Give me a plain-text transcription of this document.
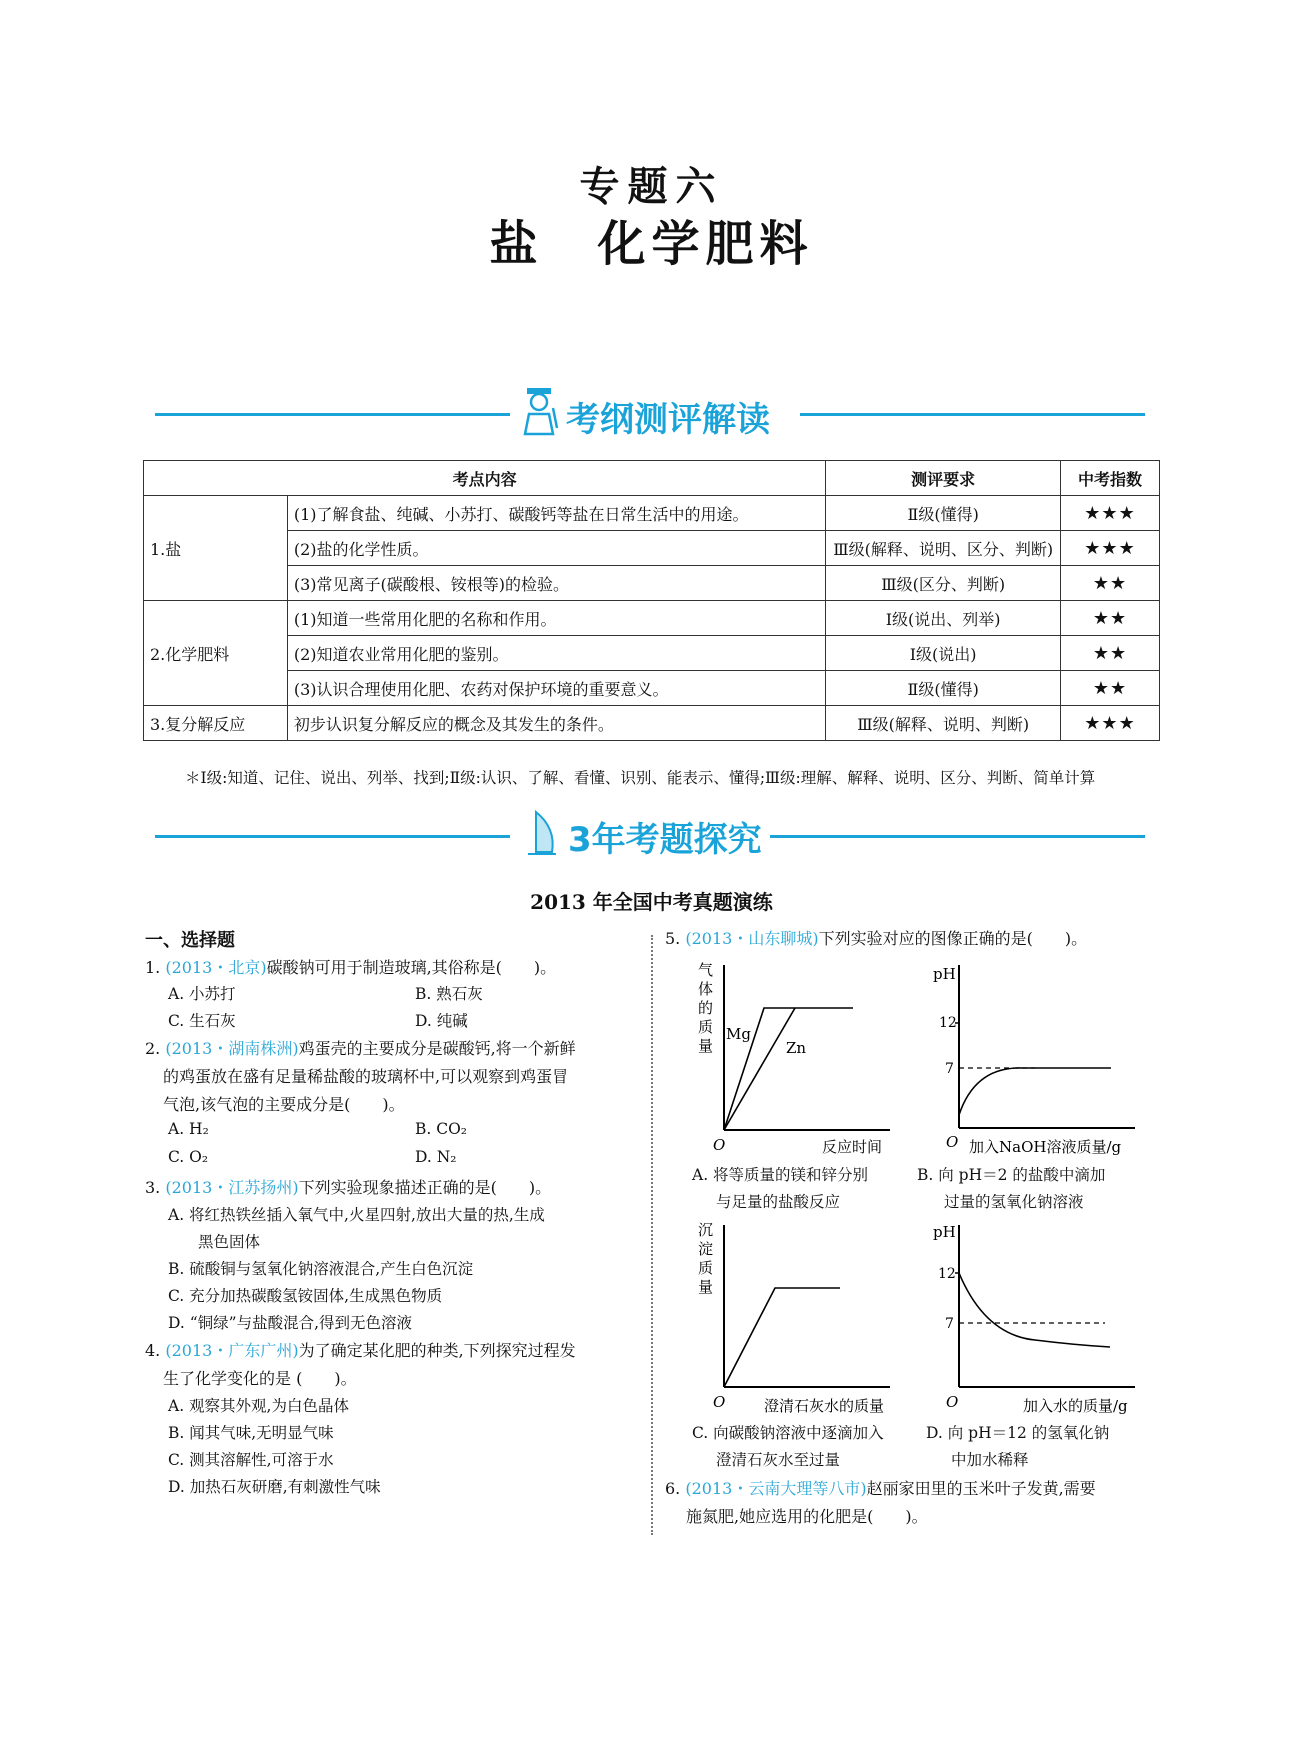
专题六
盐　化学肥料
考纲测评解读
考点内容		测评要求	中考指数
1.盐	(1)了解食盐、纯碱、小苏打、碳酸钙等盐在日常生活中的用途。	Ⅱ级(懂得)	★★★
	(2)盐的化学性质。	Ⅲ级(解释、说明、区分、判断)	★★★
	(3)常见离子(碳酸根、铵根等)的检验。	Ⅲ级(区分、判断)	★★
2.化学肥料	(1)知道一些常用化肥的名称和作用。	Ⅰ级(说出、列举)	★★
	(2)知道农业常用化肥的鉴别。	Ⅰ级(说出)	★★
	(3)认识合理使用化肥、农药对保护环境的重要意义。	Ⅱ级(懂得)	★★
3.复分解反应	初步认识复分解反应的概念及其发生的条件。	Ⅲ级(解释、说明、判断)	★★★
＊Ⅰ级:知道、记住、说出、列举、找到;Ⅱ级:认识、了解、看懂、识别、能表示、懂得;Ⅲ级:理解、解释、说明、区分、判断、简单计算
3年考题探究
2013 年全国中考真题演练
一、选择题
1. (2013・北京)碳酸钠可用于制造玻璃,其俗称是(　　)。
A. 小苏打	B. 熟石灰
C. 生石灰	D. 纯碱
2. (2013・湖南株洲)鸡蛋壳的主要成分是碳酸钙,将一个新鲜
的鸡蛋放在盛有足量稀盐酸的玻璃杯中,可以观察到鸡蛋冒
气泡,该气泡的主要成分是(　　)。
A. H₂	B. CO₂
C. O₂	D. N₂
3. (2013・江苏扬州)下列实验现象描述正确的是(　　)。
A. 将红热铁丝插入氧气中,火星四射,放出大量的热,生成
黑色固体
B. 硫酸铜与氢氧化钠溶液混合,产生白色沉淀
C. 充分加热碳酸氢铵固体,生成黑色物质
D. “铜绿”与盐酸混合,得到无色溶液
4. (2013・广东广州)为了确定某化肥的种类,下列探究过程发
生了化学变化的是 (　　)。
A. 观察其外观,为白色晶体
B. 闻其气味,无明显气味
C. 测其溶解性,可溶于水
D. 加热石灰研磨,有刺激性气味
5. (2013・山东聊城)下列实验对应的图像正确的是(　　)。
气
体
的
质
量
Mg
Zn
O	反应时间
A. 将等质量的镁和锌分别
与足量的盐酸反应
pH
12
7
O 加入NaOH溶液质量/g
B. 向 pH＝2 的盐酸中滴加
过量的氢氧化钠溶液
沉
淀
质
量
O	澄清石灰水的质量
C. 向碳酸钠溶液中逐滴加入
澄清石灰水至过量
pH
12
7
O	加入水的质量/g
D. 向 pH＝12 的氢氧化钠
中加水稀释
6. (2013・云南大理等八市)赵丽家田里的玉米叶子发黄,需要
施氮肥,她应选用的化肥是(　　)。
